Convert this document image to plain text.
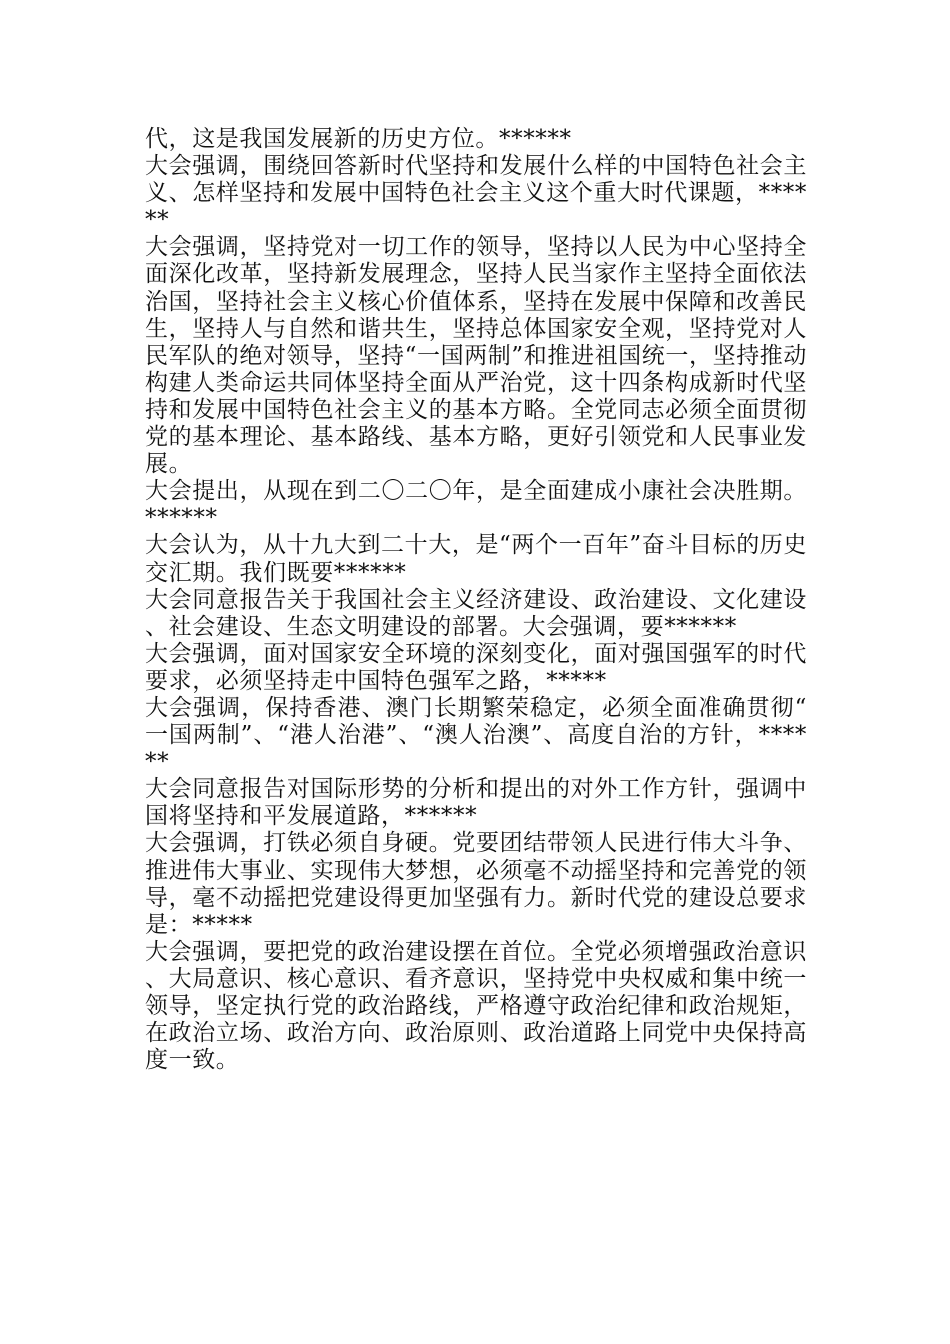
代，这是我国发展新的历史方位。******

大会强调，围绕回答新时代坚持和发展什么样的中国特色社会主义、怎样坚持和发展中国特色社会主义这个重大时代课题，******

大会强调，坚持党对一切工作的领导，坚持以人民为中心坚持全面深化改革，坚持新发展理念，坚持人民当家作主坚持全面依法治国，坚持社会主义核心价值体系，坚持在发展中保障和改善民生，坚持人与自然和谐共生，坚持总体国家安全观，坚持党对人民军队的绝对领导，坚持“一国两制”和推进祖国统一，坚持推动构建人类命运共同体坚持全面从严治党，这十四条构成新时代坚持和发展中国特色社会主义的基本方略。全党同志必须全面贯彻党的基本理论、基本路线、基本方略，更好引领党和人民事业发展。

大会提出，从现在到二〇二〇年，是全面建成小康社会决胜期。******

大会认为，从十九大到二十大，是“两个一百年”奋斗目标的历史交汇期。我们既要******

大会同意报告关于我国社会主义经济建设、政治建设、文化建设、社会建设、生态文明建设的部署。大会强调，要******

大会强调，面对国家安全环境的深刻变化，面对强国强军的时代要求，必须坚持走中国特色强军之路，*****

大会强调，保持香港、澳门长期繁荣稳定，必须全面准确贯彻“一国两制”、“港人治港”、“澳人治澳”、高度自治的方针，******

大会同意报告对国际形势的分析和提出的对外工作方针，强调中国将坚持和平发展道路，******

大会强调，打铁必须自身硬。党要团结带领人民进行伟大斗争、推进伟大事业、实现伟大梦想，必须毫不动摇坚持和完善党的领导，毫不动摇把党建设得更加坚强有力。新时代党的建设总要求是：*****

大会强调，要把党的政治建设摆在首位。全党必须增强政治意识、大局意识、核心意识、看齐意识，坚持党中央权威和集中统一领导，坚定执行党的政治路线，严格遵守政治纪律和政治规矩，在政治立场、政治方向、政治原则、政治道路上同党中央保持高度一致。
